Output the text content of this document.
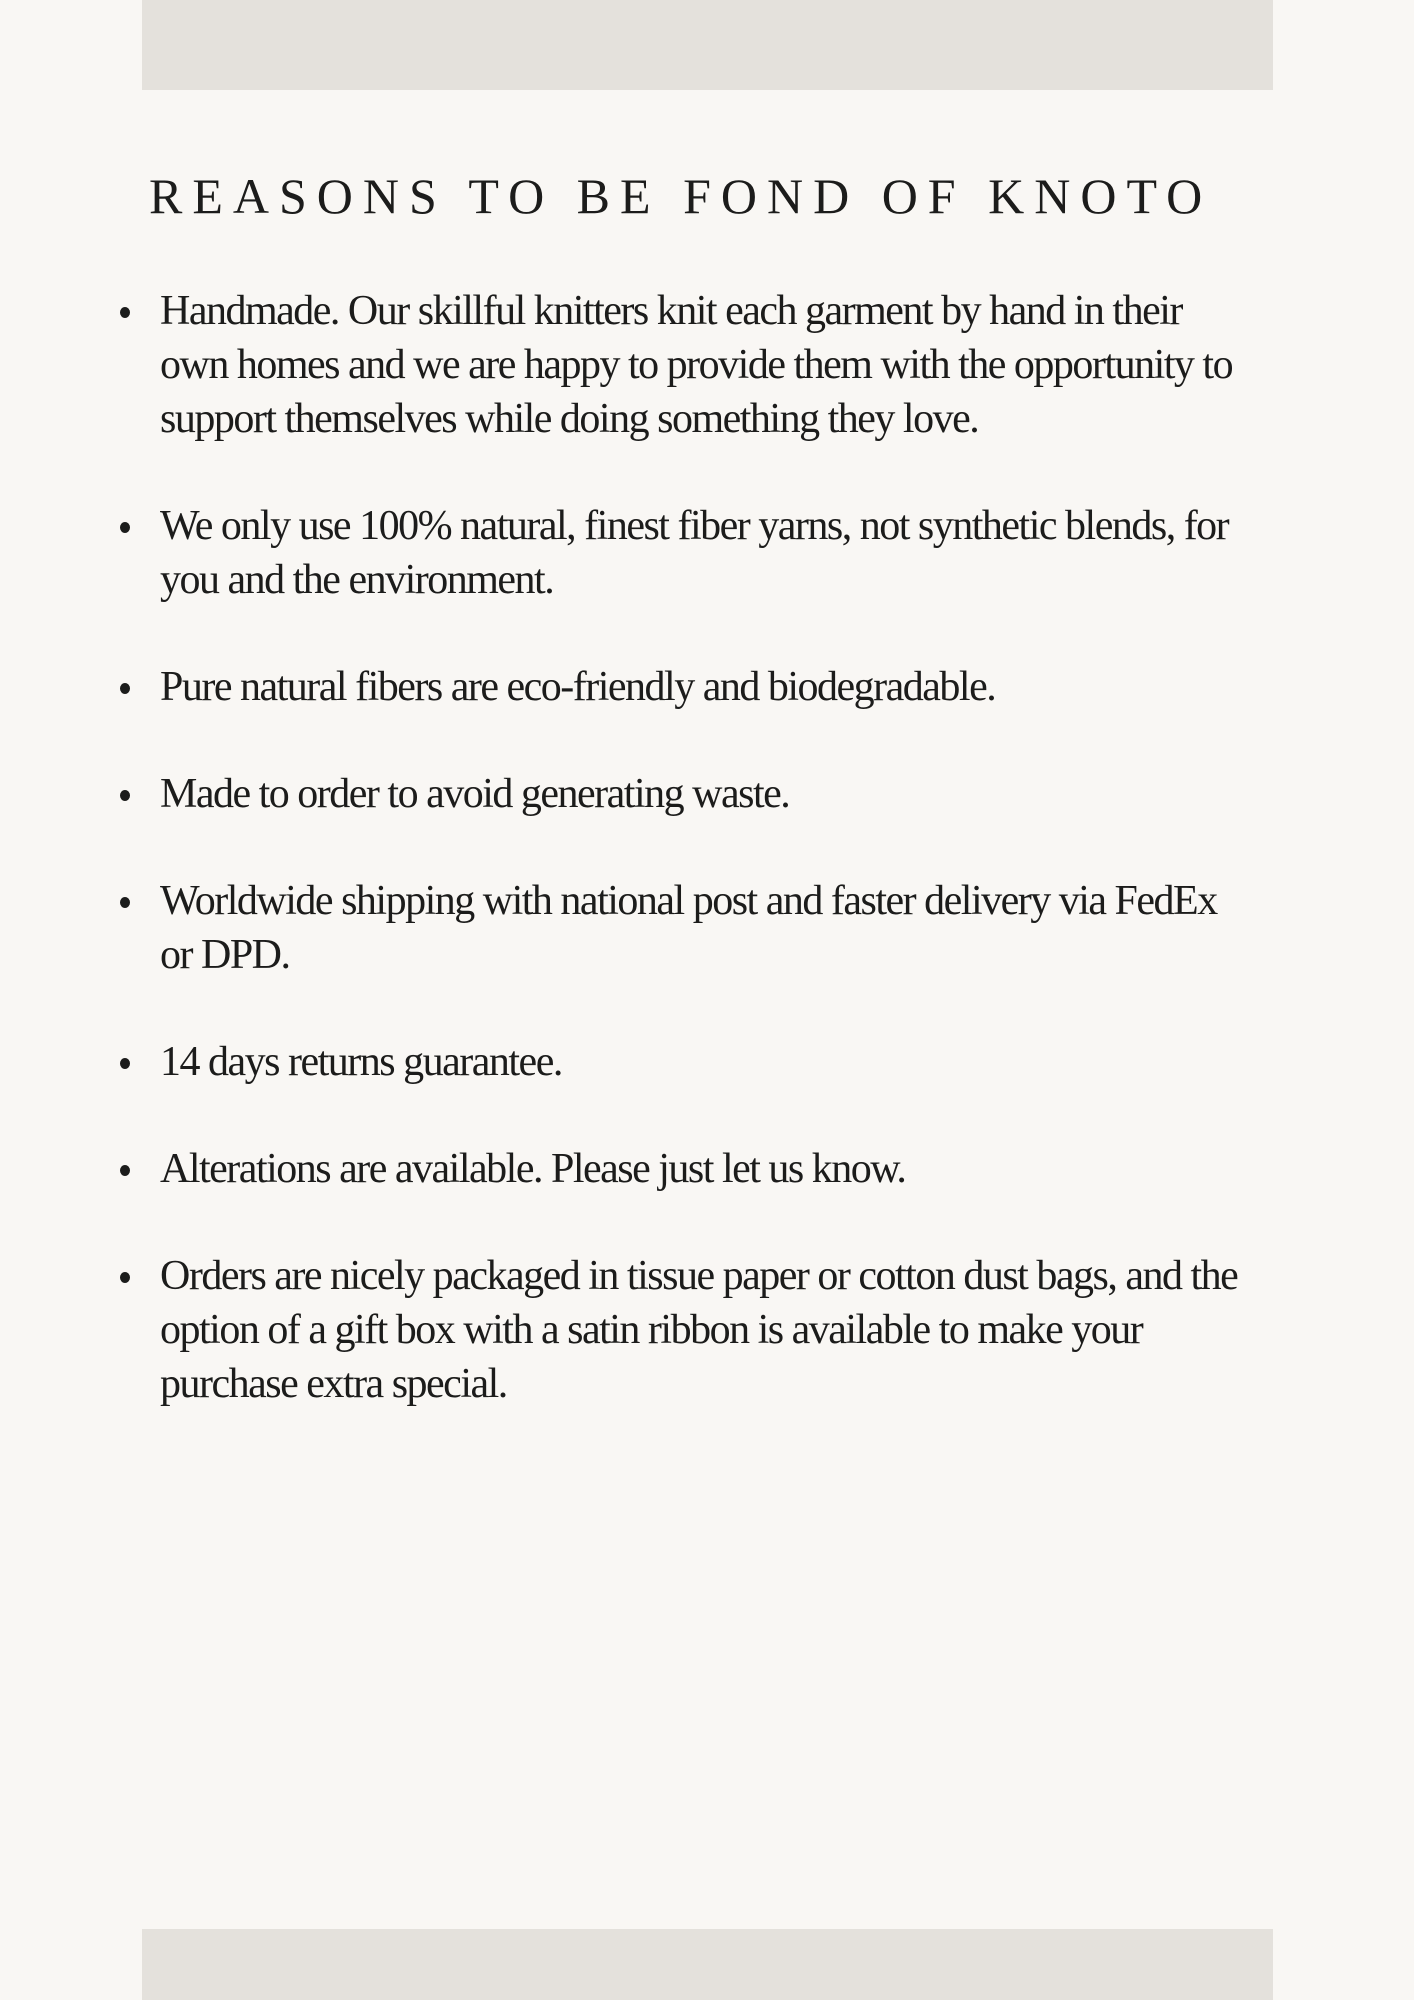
REASONS TO BE FOND OF KNOTO
Handmade. Our skillful knitters knit each garment by hand in their
own homes and we are happy to provide them with the opportunity to
support themselves while doing something they love.
We only use 100% natural, finest fiber yarns, not synthetic blends, for
you and the environment.
Pure natural fibers are eco-friendly and biodegradable.
Made to order to avoid generating waste.
Worldwide shipping with national post and faster delivery via FedEx
or DPD.
14 days returns guarantee.
Alterations are available. Please just let us know.
Orders are nicely packaged in tissue paper or cotton dust bags, and the
option of a gift box with a satin ribbon is available to make your
purchase extra special.
